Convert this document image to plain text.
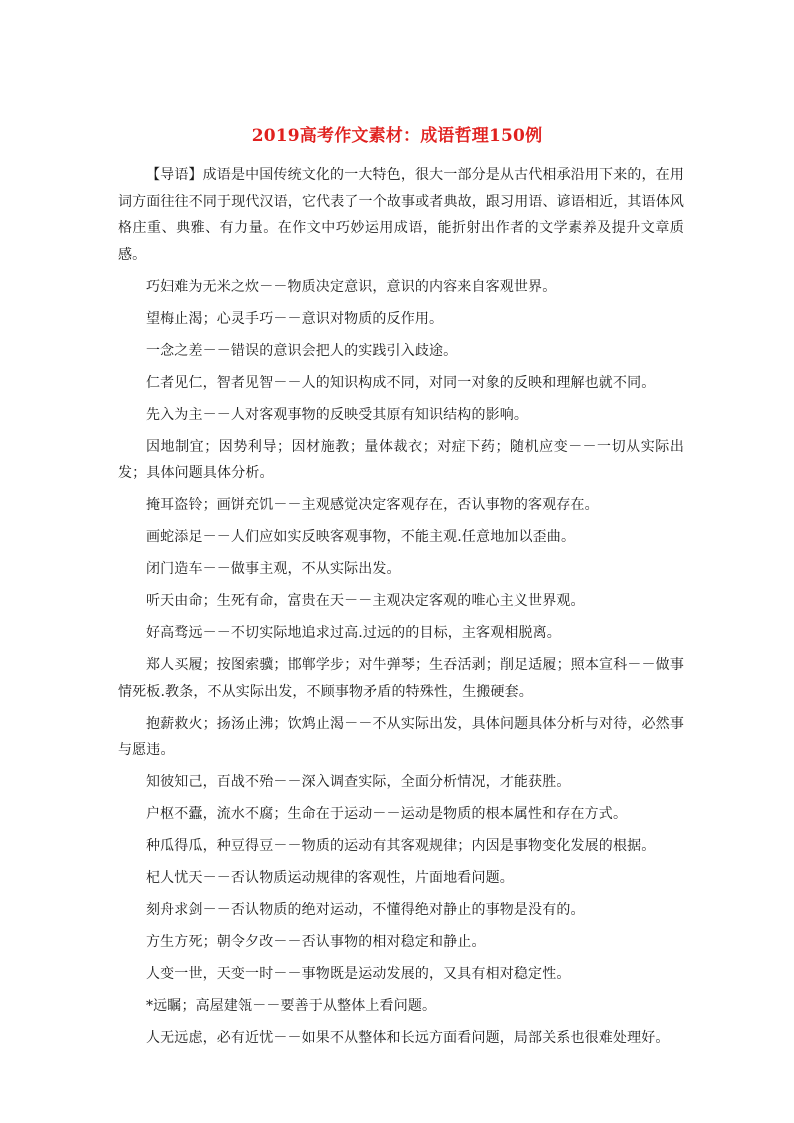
2019高考作文素材：成语哲理150例

【导语】成语是中国传统文化的一大特色，很大一部分是从古代相承沿用下来的，在用词方面往往不同于现代汉语，它代表了一个故事或者典故，跟习用语、谚语相近，其语体风格庄重、典雅、有力量。在作文中巧妙运用成语，能折射出作者的文学素养及提升文章质感。

巧妇难为无米之炊－－物质决定意识，意识的内容来自客观世界。

望梅止渴；心灵手巧－－意识对物质的反作用。

一念之差－－错误的意识会把人的实践引入歧途。

仁者见仁，智者见智－－人的知识构成不同，对同一对象的反映和理解也就不同。

先入为主－－人对客观事物的反映受其原有知识结构的影响。

因地制宜；因势利导；因材施教；量体裁衣；对症下药；随机应变－－一切从实际出发；具体问题具体分析。

掩耳盗铃；画饼充饥－－主观感觉决定客观存在，否认事物的客观存在。

画蛇添足－－人们应如实反映客观事物，不能主观.任意地加以歪曲。

闭门造车－－做事主观，不从实际出发。

听天由命；生死有命，富贵在天－－主观决定客观的唯心主义世界观。

好高骛远－－不切实际地追求过高.过远的的目标，主客观相脱离。

郑人买履；按图索骥；邯郸学步；对牛弹琴；生吞活剥；削足适履；照本宣科－－做事情死板.教条，不从实际出发，不顾事物矛盾的特殊性，生搬硬套。

抱薪救火；扬汤止沸；饮鸩止渴－－不从实际出发，具体问题具体分析与对待，必然事与愿违。

知彼知己，百战不殆－－深入调查实际，全面分析情况，才能获胜。

户枢不蠹，流水不腐；生命在于运动－－运动是物质的根本属性和存在方式。

种瓜得瓜，种豆得豆－－物质的运动有其客观规律；内因是事物变化发展的根据。

杞人忧天－－否认物质运动规律的客观性，片面地看问题。

刻舟求剑－－否认物质的绝对运动，不懂得绝对静止的事物是没有的。

方生方死；朝令夕改－－否认事物的相对稳定和静止。

人变一世，天变一时－－事物既是运动发展的，又具有相对稳定性。

*远瞩；高屋建瓴－－要善于从整体上看问题。

人无远虑，必有近忧－－如果不从整体和长远方面看问题，局部关系也很难处理好。
